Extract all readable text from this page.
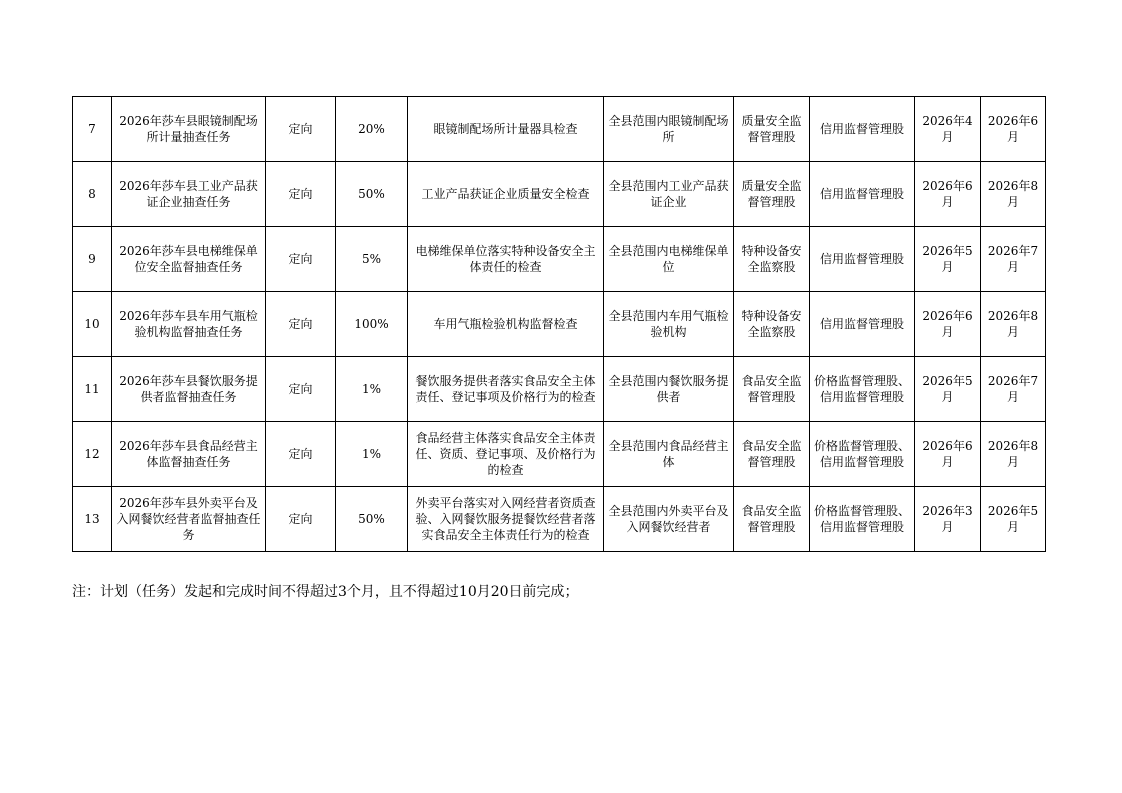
7	2026年莎车县眼镜制配场所计量抽查任务	定向	20%	眼镜制配场所计量器具检查	全县范围内眼镜制配场所	质量安全监督管理股	信用监督管理股	2026年4月	2026年6月
8	2026年莎车县工业产品获证企业抽查任务	定向	50%	工业产品获证企业质量安全检查	全县范围内工业产品获证企业	质量安全监督管理股	信用监督管理股	2026年6月	2026年8月
9	2026年莎车县电梯维保单位安全监督抽查任务	定向	5%	电梯维保单位落实特种设备安全主体责任的检查	全县范围内电梯维保单位	特种设备安全监察股	信用监督管理股	2026年5月	2026年7月
10	2026年莎车县车用气瓶检验机构监督抽查任务	定向	100%	车用气瓶检验机构监督检查	全县范围内车用气瓶检验机构	特种设备安全监察股	信用监督管理股	2026年6月	2026年8月
11	2026年莎车县餐饮服务提供者监督抽查任务	定向	1%	餐饮服务提供者落实食品安全主体责任、登记事项及价格行为的检查	全县范围内餐饮服务提供者	食品安全监督管理股	价格监督管理股、信用监督管理股	2026年5月	2026年7月
12	2026年莎车县食品经营主体监督抽查任务	定向	1%	食品经营主体落实食品安全主体责任、资质、登记事项、及价格行为的检查	全县范围内食品经营主体	食品安全监督管理股	价格监督管理股、信用监督管理股	2026年6月	2026年8月
13	2026年莎车县外卖平台及入网餐饮经营者监督抽查任务	定向	50%	外卖平台落实对入网经营者资质查验、入网餐饮服务提餐饮经营者落实食品安全主体责任行为的检查	全县范围内外卖平台及入网餐饮经营者	食品安全监督管理股	价格监督管理股、信用监督管理股	2026年3月	2026年5月
注：计划（任务）发起和完成时间不得超过3个月，且不得超过10月20日前完成；
